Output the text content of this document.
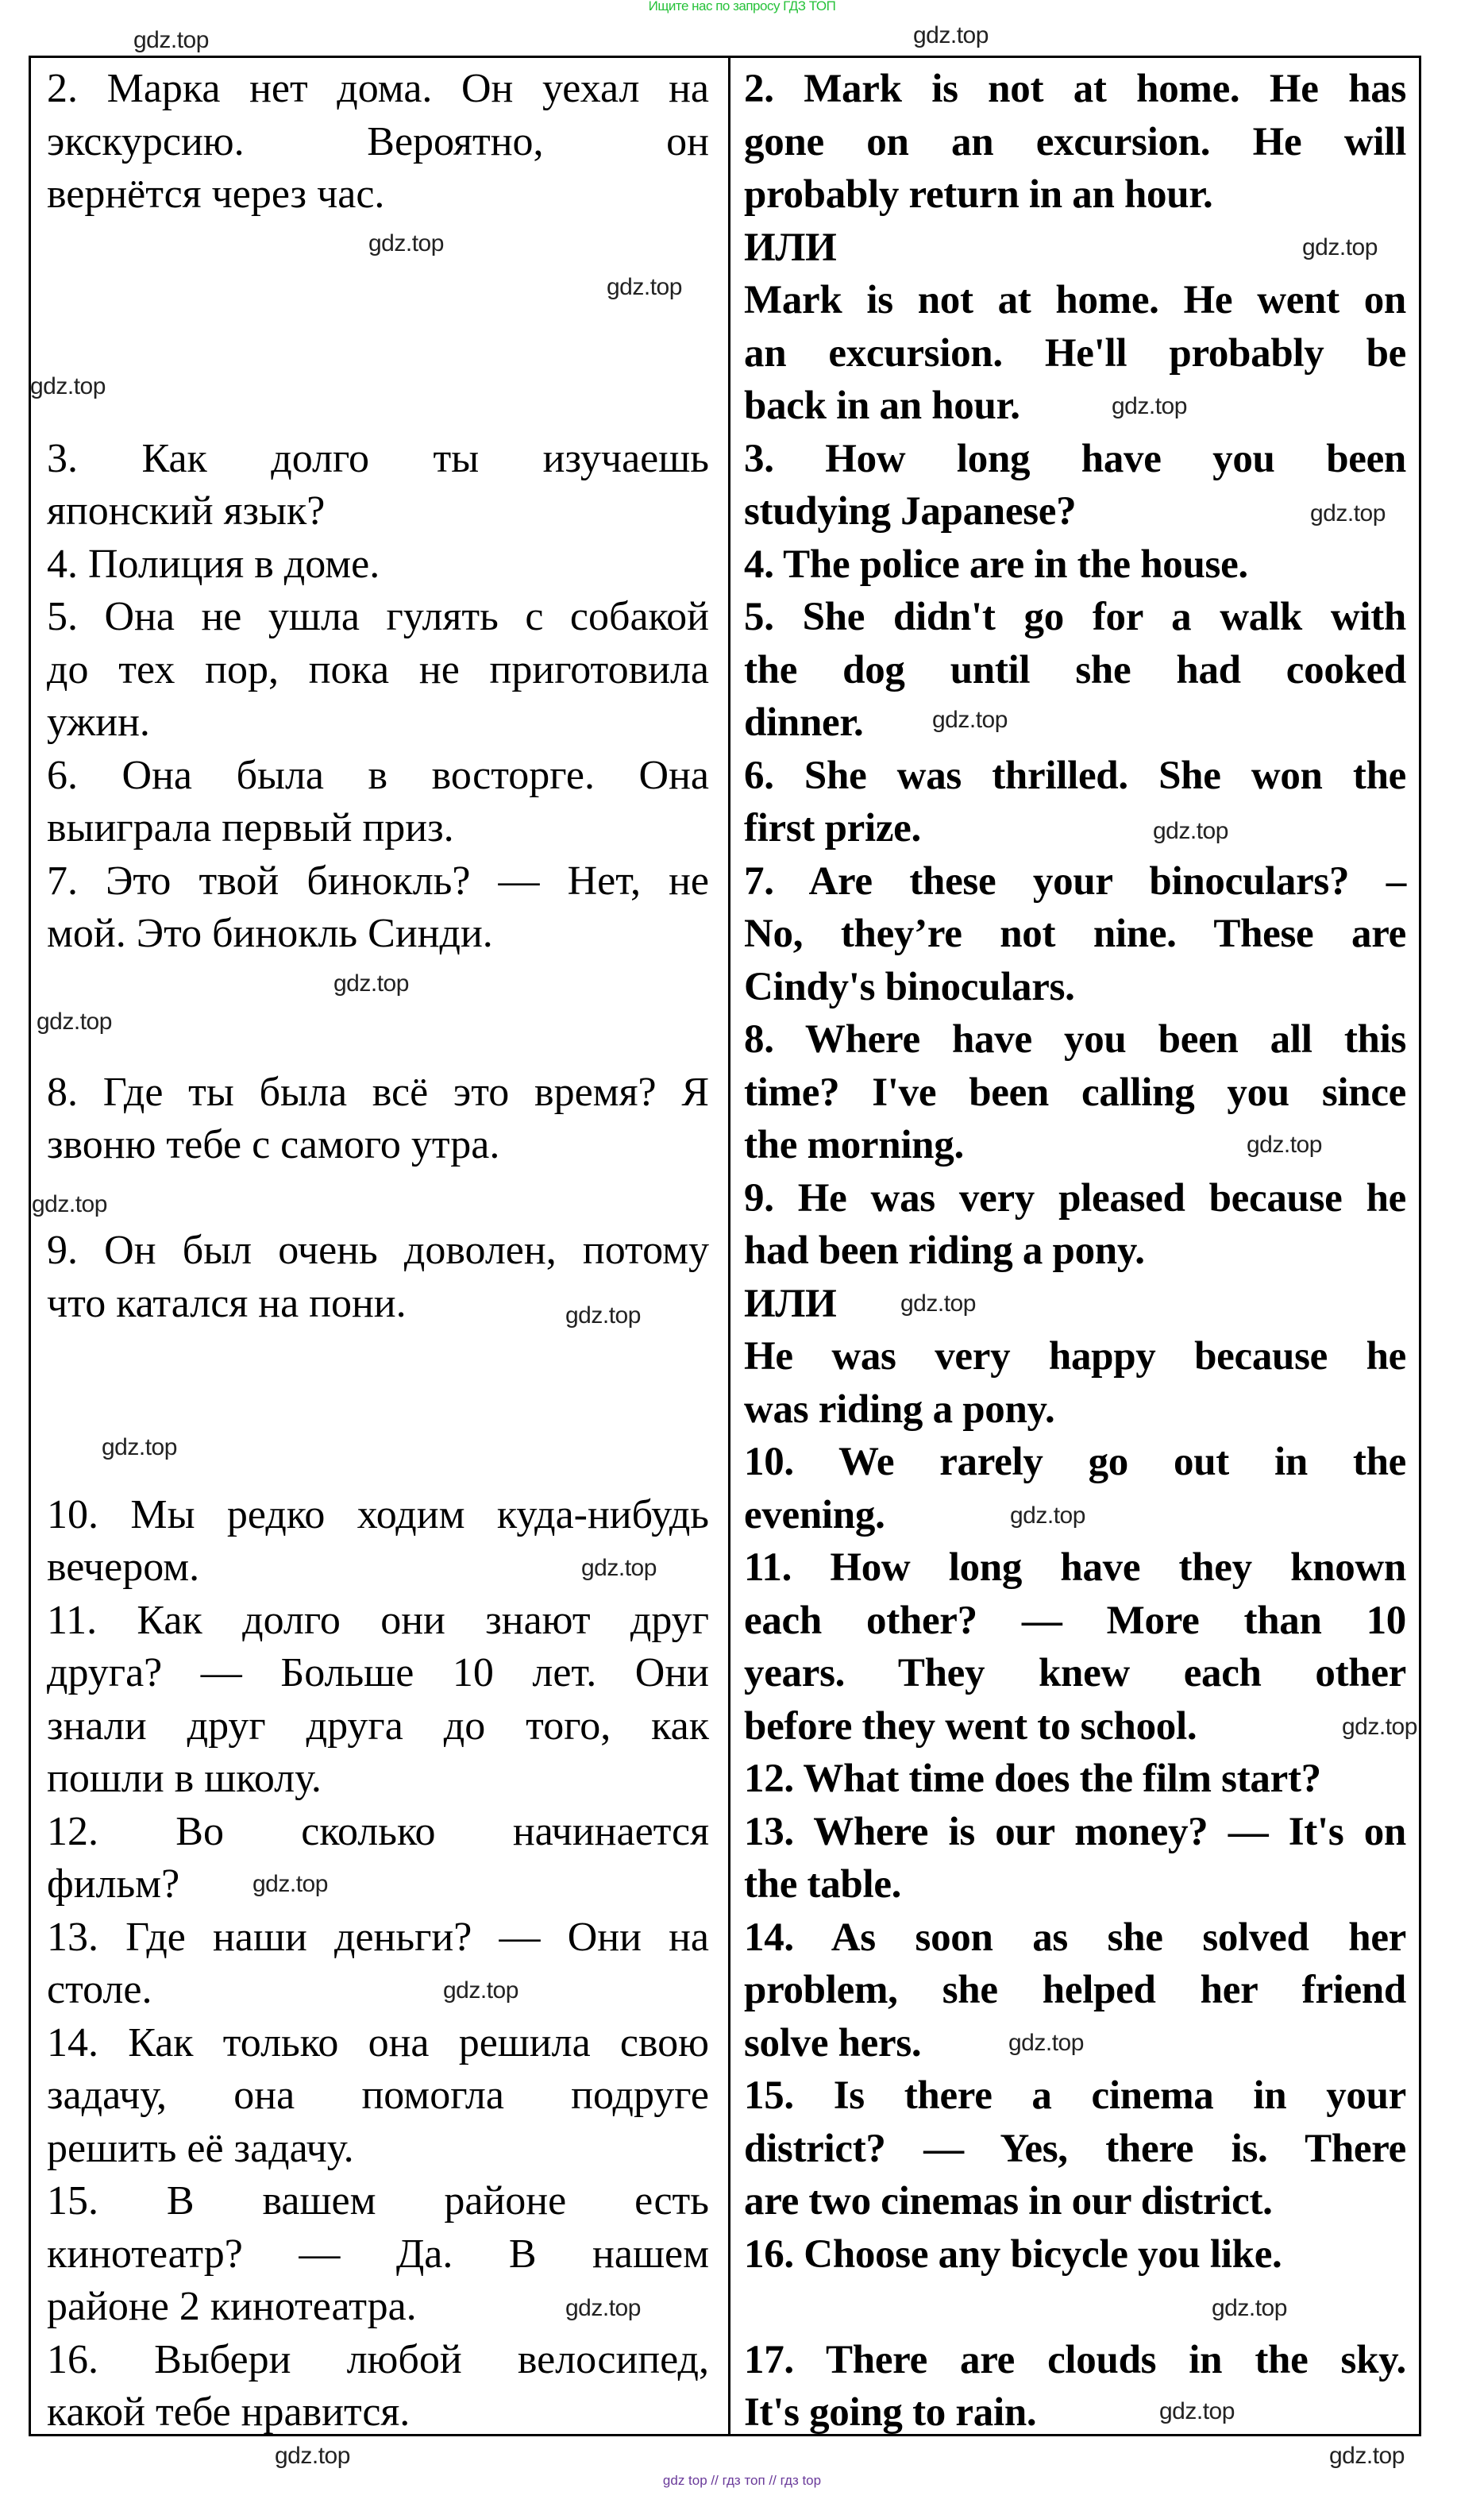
Ищите нас по запросу ГДЗ ТОП
2. Марка нет дома. Он уехал на
экскурсию. Вероятно, он
вернётся через час.
3. Как долго ты изучаешь
японский язык?
4. Полиция в доме.
5. Она не ушла гулять с собакой
до тех пор, пока не приготовила
ужин.
6. Она была в восторге. Она
выиграла первый приз.
7. Это твой бинокль? — Нет, не
мой. Это бинокль Синди.
8. Где ты была всё это время? Я
звоню тебе с самого утра.
9. Он был очень доволен, потому
что катался на пони.
10. Мы редко ходим куда-нибудь
вечером.
11. Как долго они знают друг
друга? — Больше 10 лет. Они
знали друг друга до того, как
пошли в школу.
12. Во сколько начинается
фильм?
13. Где наши деньги? — Они на
столе.
14. Как только она решила свою
задачу, она помогла подруге
решить её задачу.
15. В вашем районе есть
кинотеатр? — Да. В нашем
районе 2 кинотеатра.
16. Выбери любой велосипед,
какой тебе нравится.
2. Mark is not at home. He has
gone on an excursion. He will
probably return in an hour.
ИЛИ
Mark is not at home. He went on
an excursion. He'll probably be
back in an hour.
3. How long have you been
studying Japanese?
4. The police are in the house.
5. She didn't go for a walk with
the dog until she had cooked
dinner.
6. She was thrilled. She won the
first prize.
7. Are these your binoculars? –
No, they’re not nine. These are
Cindy's binoculars.
8. Where have you been all this
time? I've been calling you since
the morning.
9. He was very pleased because he
had been riding a pony.
ИЛИ
He was very happy because he
was riding a pony.
10. We rarely go out in the
evening.
11. How long have they known
each other? — More than 10
years. They knew each other
before they went to school.
12. What time does the film start?
13. Where is our money? — It's on
the table.
14. As soon as she solved her
problem, she helped her friend
solve hers.
15. Is there a cinema in your
district? — Yes, there is. There
are two cinemas in our district.
16. Choose any bicycle you like.
17. There are clouds in the sky.
It's going to rain.
gdz.top
gdz.top
gdz.top
gdz.top
gdz.top
gdz.top
gdz.top
gdz.top
gdz.top
gdz.top
gdz.top
gdz.top
gdz.top
gdz.top
gdz.top
gdz.top
gdz.top
gdz.top
gdz.top
gdz.top
gdz.top
gdz.top
gdz.top
gdz.top
gdz.top
gdz.top
gdz.top
gdz.top
gdz top // гдз топ // гдз top
